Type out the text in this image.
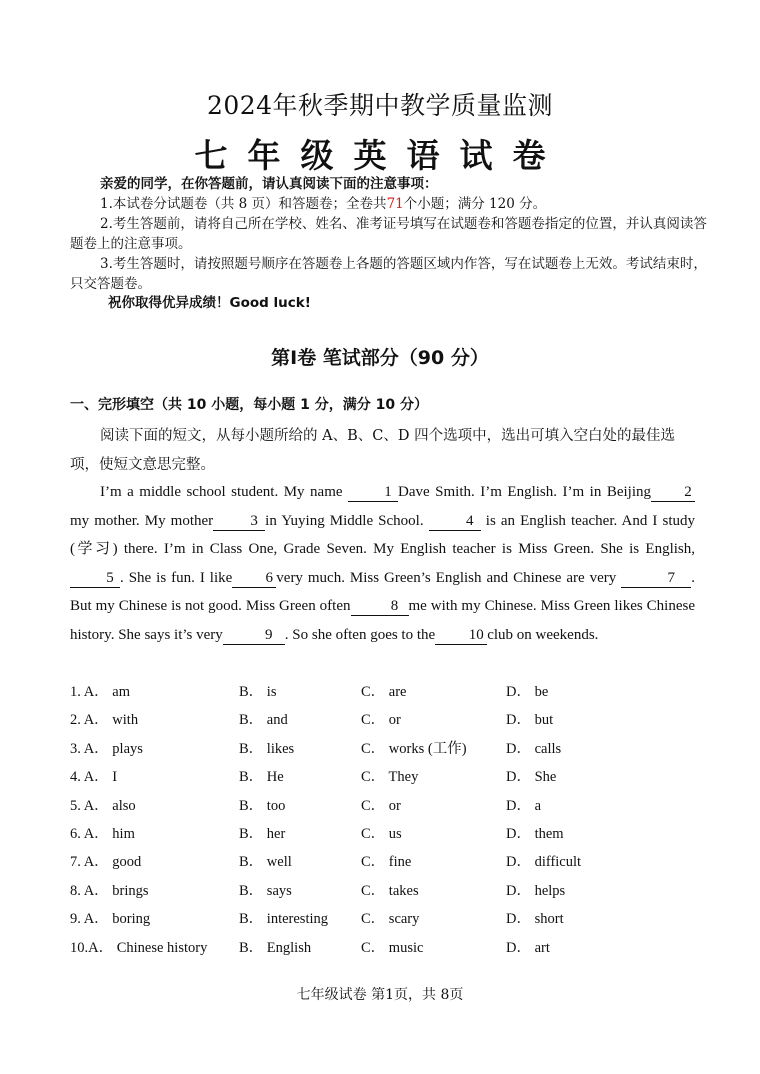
2024年秋季期中教学质量监测
七年级英语试卷
亲爱的同学，在你答题前，请认真阅读下面的注意事项：
1.本试卷分试题卷（共 8 页）和答题卷；全卷共71个小题；满分 120 分。
2.考生答题前，请将自己所在学校、姓名、准考证号填写在试题卷和答题卷指定的位置，并认真阅读答题卷上的注意事项。
3.考生答题时，请按照题号顺序在答题卷上各题的答题区域内作答，写在试题卷上无效。考试结束时，只交答题卷。
祝你取得优异成绩！Good luck!
第Ⅰ卷 笔试部分（90 分）
一、完形填空（共 10 小题，每小题 1 分，满分 10 分）
阅读下面的短文，从每小题所给的 A、B、C、D 四个选项中，选出可填入空白处的最佳选项，使短文意思完整。

I’m a middle school student. My name 1 Dave Smith. I’m English. I’m in Beijing 2 my mother. My mother 3 in Yuying Middle School. 4 is an English teacher. And I study (学习) there. I’m in Class One, Grade Seven. My English teacher is Miss Green. She is English, 5 . She is fun. I like 6 very much. Miss Green’s English and Chinese are very	7 . But my Chinese is not good. Miss Green often	8 me with my Chinese. Miss Green likes Chinese history. She says it’s very	9 . So she often goes to the 10 club on weekends.

1. A． am	B． is	C． are	D． be
2. A． with	B． and	C． or	D． but
3. A． plays	B． likes	C． works (工作)	D． calls
4. A． I	B． He	C． They	D． She
5. A． also	B． too	C． or	D． a
6. A． him	B． her	C． us	D． them
7. A． good	B． well	C． fine	D． difficult
8. A． brings	B． says	C． takes	D． helps
9. A． boring	B． interesting C． scary	D． short
10.A． Chinese history B． English	C． music	D． art
七年级试卷 第1页，共 8页
